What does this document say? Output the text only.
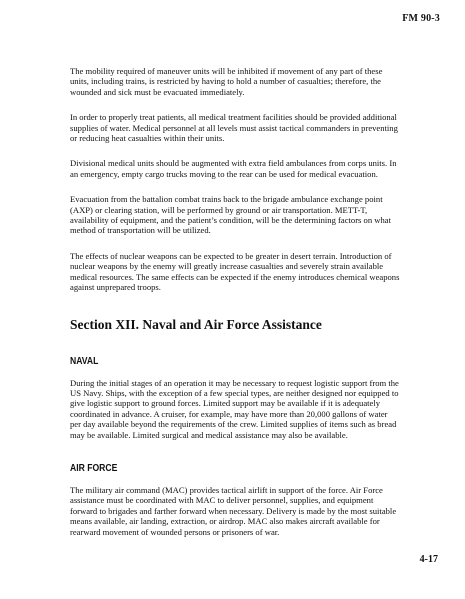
FM 90-3

The mobility required of maneuver units will be inhibited if movement of any part of these units, including trains, is restricted by having to hold a number of casualties; therefore, the wounded and sick must be evacuated immediately.

In order to properly treat patients, all medical treatment facilities should be provided additional supplies of water. Medical personnel at all levels must assist tactical commanders in preventing or reducing heat casualties within their units.

Divisional medical units should be augmented with extra field ambulances from corps units. In an emergency, empty cargo trucks moving to the rear can be used for medical evacuation.

Evacuation from the battalion combat trains back to the brigade ambulance exchange point (AXP) or clearing station, will be performed by ground or air transportation. METT-T, availability of equipment, and the patient’s condition, will be the determining factors on what method of transportation will be utilized.

The effects of nuclear weapons can be expected to be greater in desert terrain. Introduction of nuclear weapons by the enemy will greatly increase casualties and severely strain available medical resources. The same effects can be expected if the enemy introduces chemical weapons against unprepared troops.

Section XII. Naval and Air Force Assistance
NAVAL

During the initial stages of an operation it may be necessary to request logistic support from the US Navy. Ships, with the exception of a few special types, are neither designed nor equipped to give logistic support to ground forces. Limited support may be available if it is adequately coordinated in advance. A cruiser, for example, may have more than 20,000 gallons of water per day available beyond the requirements of the crew. Limited supplies of items such as bread may be available. Limited surgical and medical assistance may also be available.

AIR FORCE

The military air command (MAC) provides tactical airlift in support of the force. Air Force assistance must be coordinated with MAC to deliver personnel, supplies, and equipment forward to brigades and farther forward when necessary. Delivery is made by the most suitable means available, air landing, extraction, or airdrop. MAC also makes aircraft available for rearward movement of wounded persons or prisoners of war.

4-17
